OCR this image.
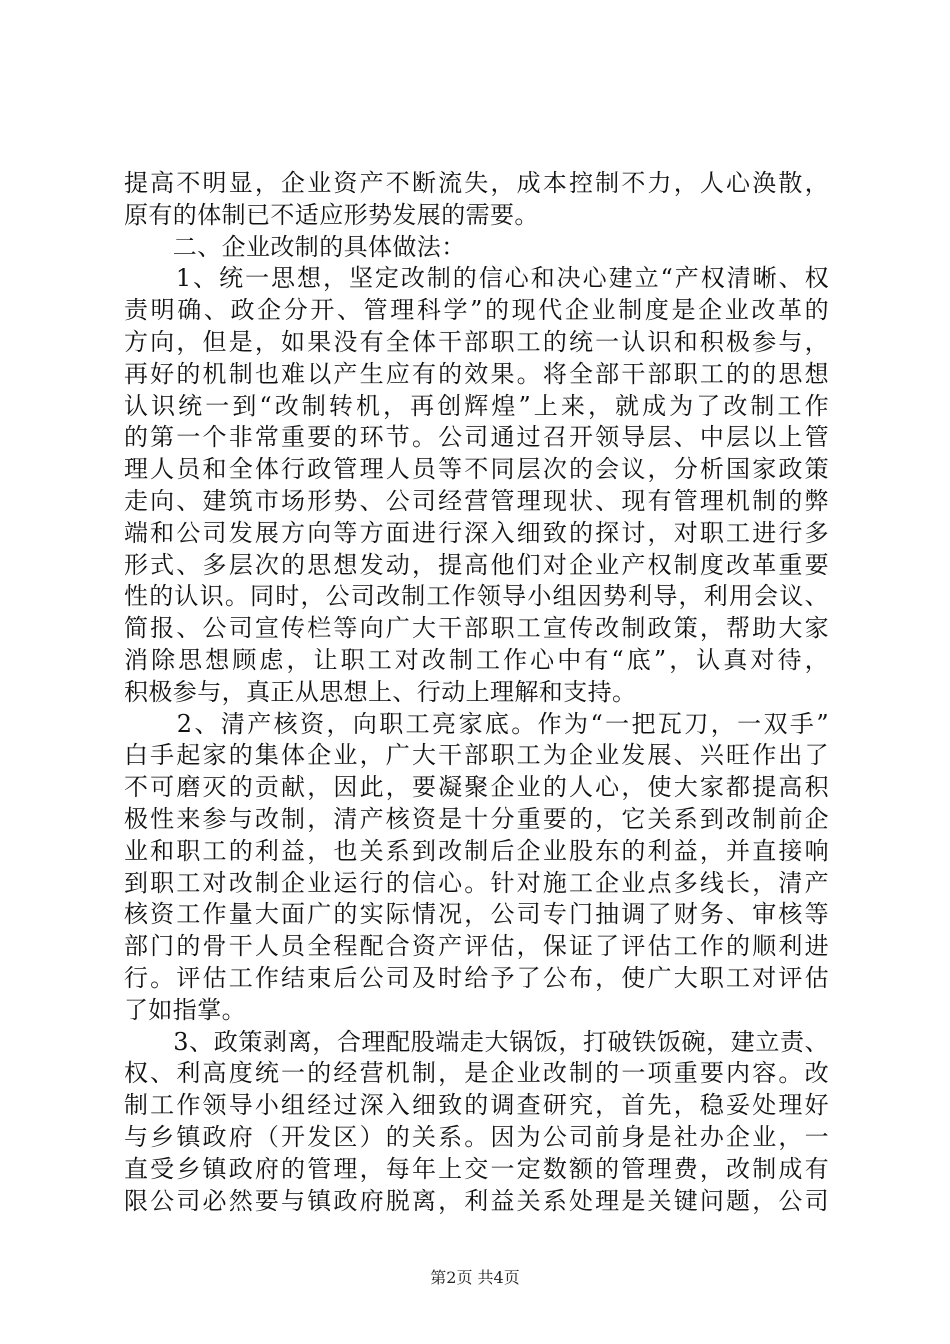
提高不明显，企业资产不断流失，成本控制不力，人心涣散，
原有的体制已不适应形势发展的需要。
　　二、企业改制的具体做法：
　　1、统一思想，坚定改制的信心和决心建立“产权清晰、权
责明确、政企分开、管理科学”的现代企业制度是企业改革的
方向，但是，如果没有全体干部职工的统一认识和积极参与，
再好的机制也难以产生应有的效果。将全部干部职工的的思想
认识统一到“改制转机，再创辉煌”上来，就成为了改制工作
的第一个非常重要的环节。公司通过召开领导层、中层以上管
理人员和全体行政管理人员等不同层次的会议，分析国家政策
走向、建筑市场形势、公司经营管理现状、现有管理机制的弊
端和公司发展方向等方面进行深入细致的探讨，对职工进行多
形式、多层次的思想发动，提高他们对企业产权制度改革重要
性的认识。同时，公司改制工作领导小组因势利导，利用会议、
简报、公司宣传栏等向广大干部职工宣传改制政策，帮助大家
消除思想顾虑，让职工对改制工作心中有“底”，认真对待，
积极参与，真正从思想上、行动上理解和支持。
　　2、清产核资，向职工亮家底。作为“一把瓦刀，一双手”
白手起家的集体企业，广大干部职工为企业发展、兴旺作出了
不可磨灭的贡献，因此，要凝聚企业的人心，使大家都提高积
极性来参与改制，清产核资是十分重要的，它关系到改制前企
业和职工的利益，也关系到改制后企业股东的利益，并直接响
到职工对改制企业运行的信心。针对施工企业点多线长，清产
核资工作量大面广的实际情况，公司专门抽调了财务、审核等
部门的骨干人员全程配合资产评估，保证了评估工作的顺利进
行。评估工作结束后公司及时给予了公布，使广大职工对评估
了如指掌。
　　3、政策剥离，合理配股端走大锅饭，打破铁饭碗，建立责、
权、利高度统一的经营机制，是企业改制的一项重要内容。改
制工作领导小组经过深入细致的调查研究，首先，稳妥处理好
与乡镇政府（开发区）的关系。因为公司前身是社办企业，一
直受乡镇政府的管理，每年上交一定数额的管理费，改制成有
限公司必然要与镇政府脱离，利益关系处理是关键问题，公司
第2页 共4页
